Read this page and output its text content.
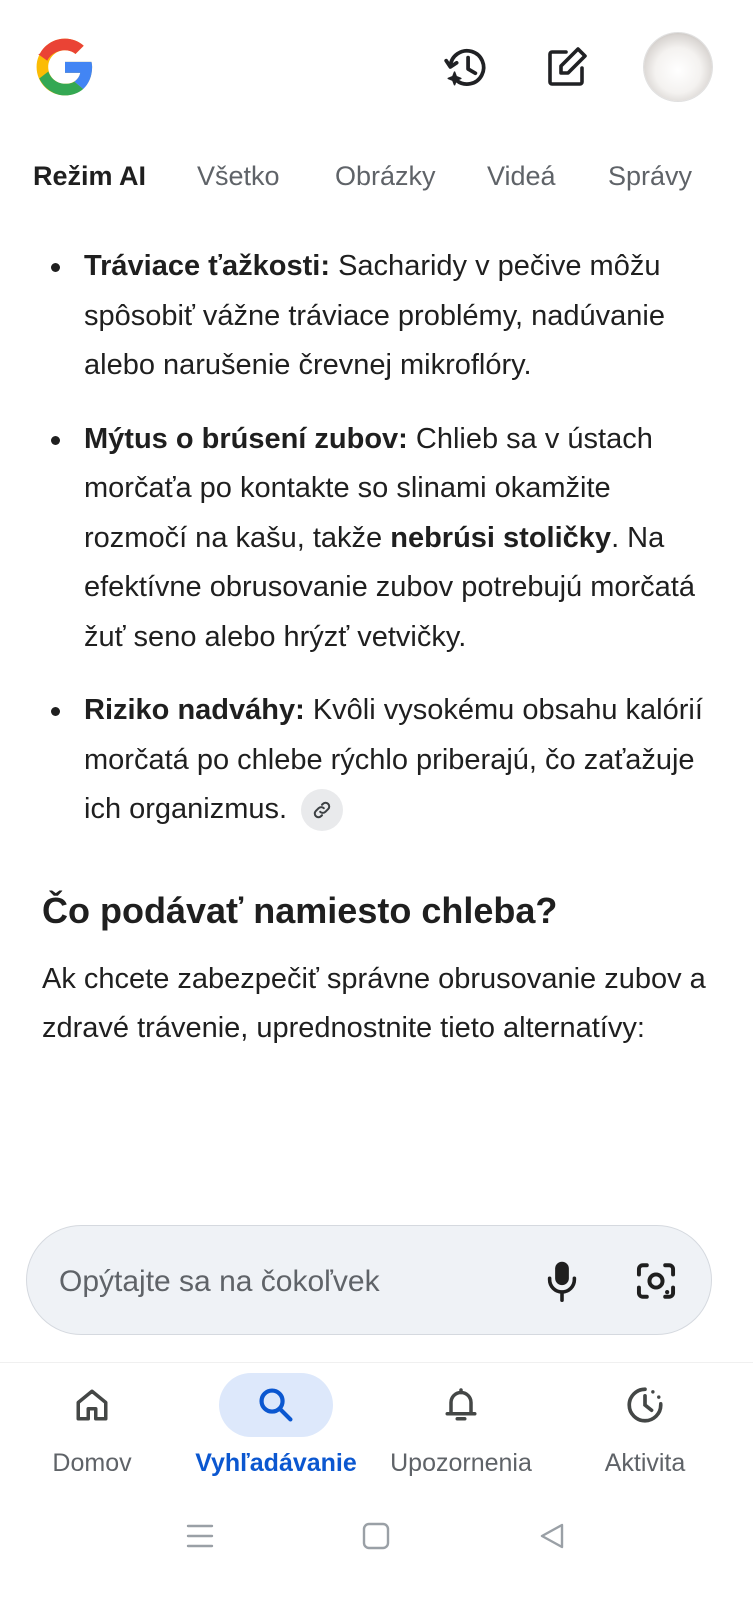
Režim AI Všetko Obrázky Videá Správy
Tráviace ťažkosti: Sacharidy v pečive môžu spôsobiť vážne tráviace problémy, nadúvanie alebo narušenie črevnej mikroflóry.
Mýtus o brúsení zubov: Chlieb sa v ústach morčaťa po kontakte so slinami okamžite rozmočí na kašu, takže nebrúsi stoličky. Na efektívne obrusovanie zubov potrebujú morčatá žuť seno alebo hrýzť vetvičky.
Riziko nadváhy: Kvôli vysokému obsahu kalórií morčatá po chlebe rýchlo priberajú, čo zaťažuje ich organizmus.
Čo podávať namiesto chleba?

Ak chcete zabezpečiť správne obrusovanie zubov a zdravé trávenie, uprednostnite tieto alternatívy:

Opýtajte sa na čokoľvek
Domov	Vyhľadávanie	Upozornenia	Aktivita
